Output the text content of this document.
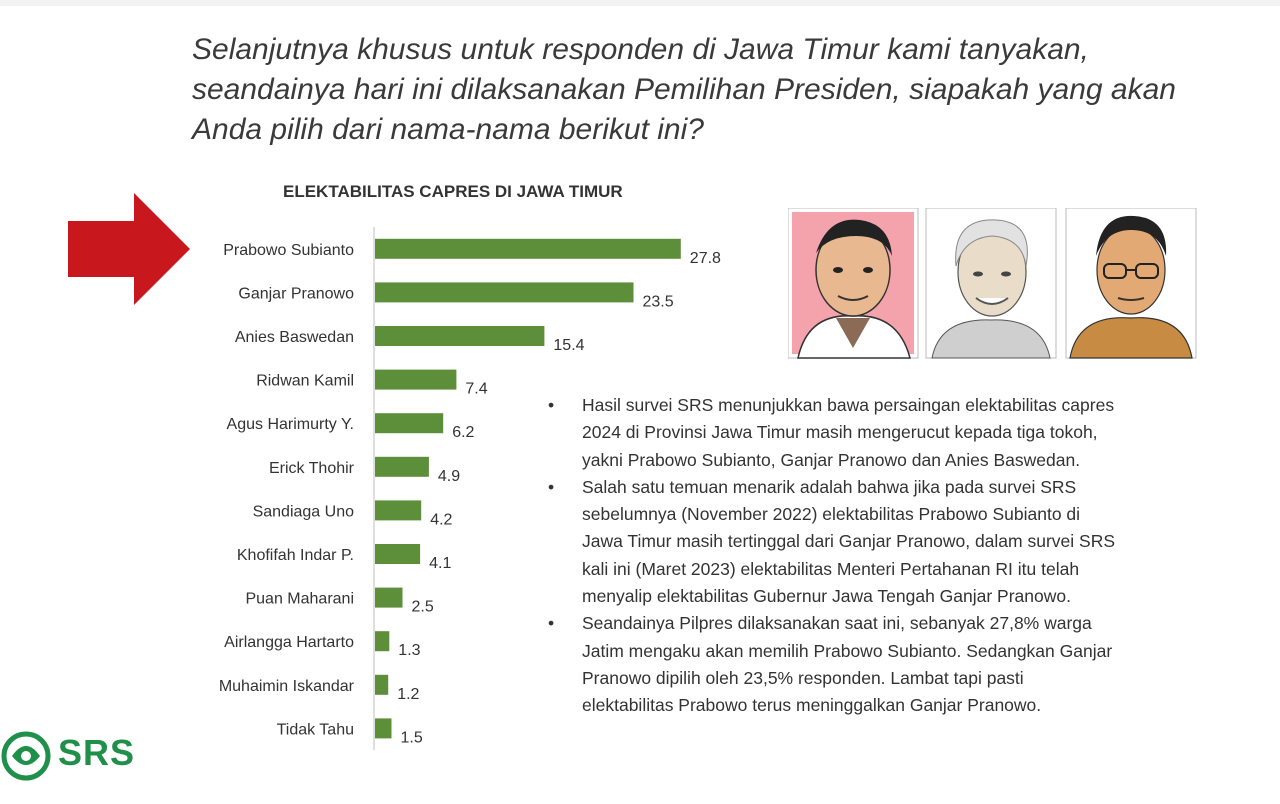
Selanjutnya khusus untuk responden di Jawa Timur kami tanyakan,
seandainya hari ini dilaksanakan Pemilihan Presiden, siapakah yang akan
Anda pilih dari nama-nama berikut ini?
ELEKTABILITAS CAPRES DI JAWA TIMUR
Prabowo Subianto	27.8
Ganjar Pranowo	23.5
Anies Baswedan	15.4
Ridwan Kamil	7.4
Agus Harimurty Y.	6.2
Erick Thohir	4.9
Sandiaga Uno	4.2
Khofifah Indar P.	4.1
Puan Maharani	2.5
Airlangga Hartarto	1.3
Muhaimin Iskandar	1.2
Tidak Tahu	1.5
• Hasil survei SRS menunjukkan bawa persaingan elektabilitas capres
2024 di Provinsi Jawa Timur masih mengerucut kepada tiga tokoh,
yakni Prabowo Subianto, Ganjar Pranowo dan Anies Baswedan.
• Salah satu temuan menarik adalah bahwa jika pada survei SRS
sebelumnya (November 2022) elektabilitas Prabowo Subianto di
Jawa Timur masih tertinggal dari Ganjar Pranowo, dalam survei SRS
kali ini (Maret 2023) elektabilitas Menteri Pertahanan RI itu telah
menyalip elektabilitas Gubernur Jawa Tengah Ganjar Pranowo.
• Seandainya Pilpres dilaksanakan saat ini, sebanyak 27,8% warga
Jatim mengaku akan memilih Prabowo Subianto. Sedangkan Ganjar
Pranowo dipilih oleh 23,5% responden. Lambat tapi pasti
elektabilitas Prabowo terus meninggalkan Ganjar Pranowo.
SRS
